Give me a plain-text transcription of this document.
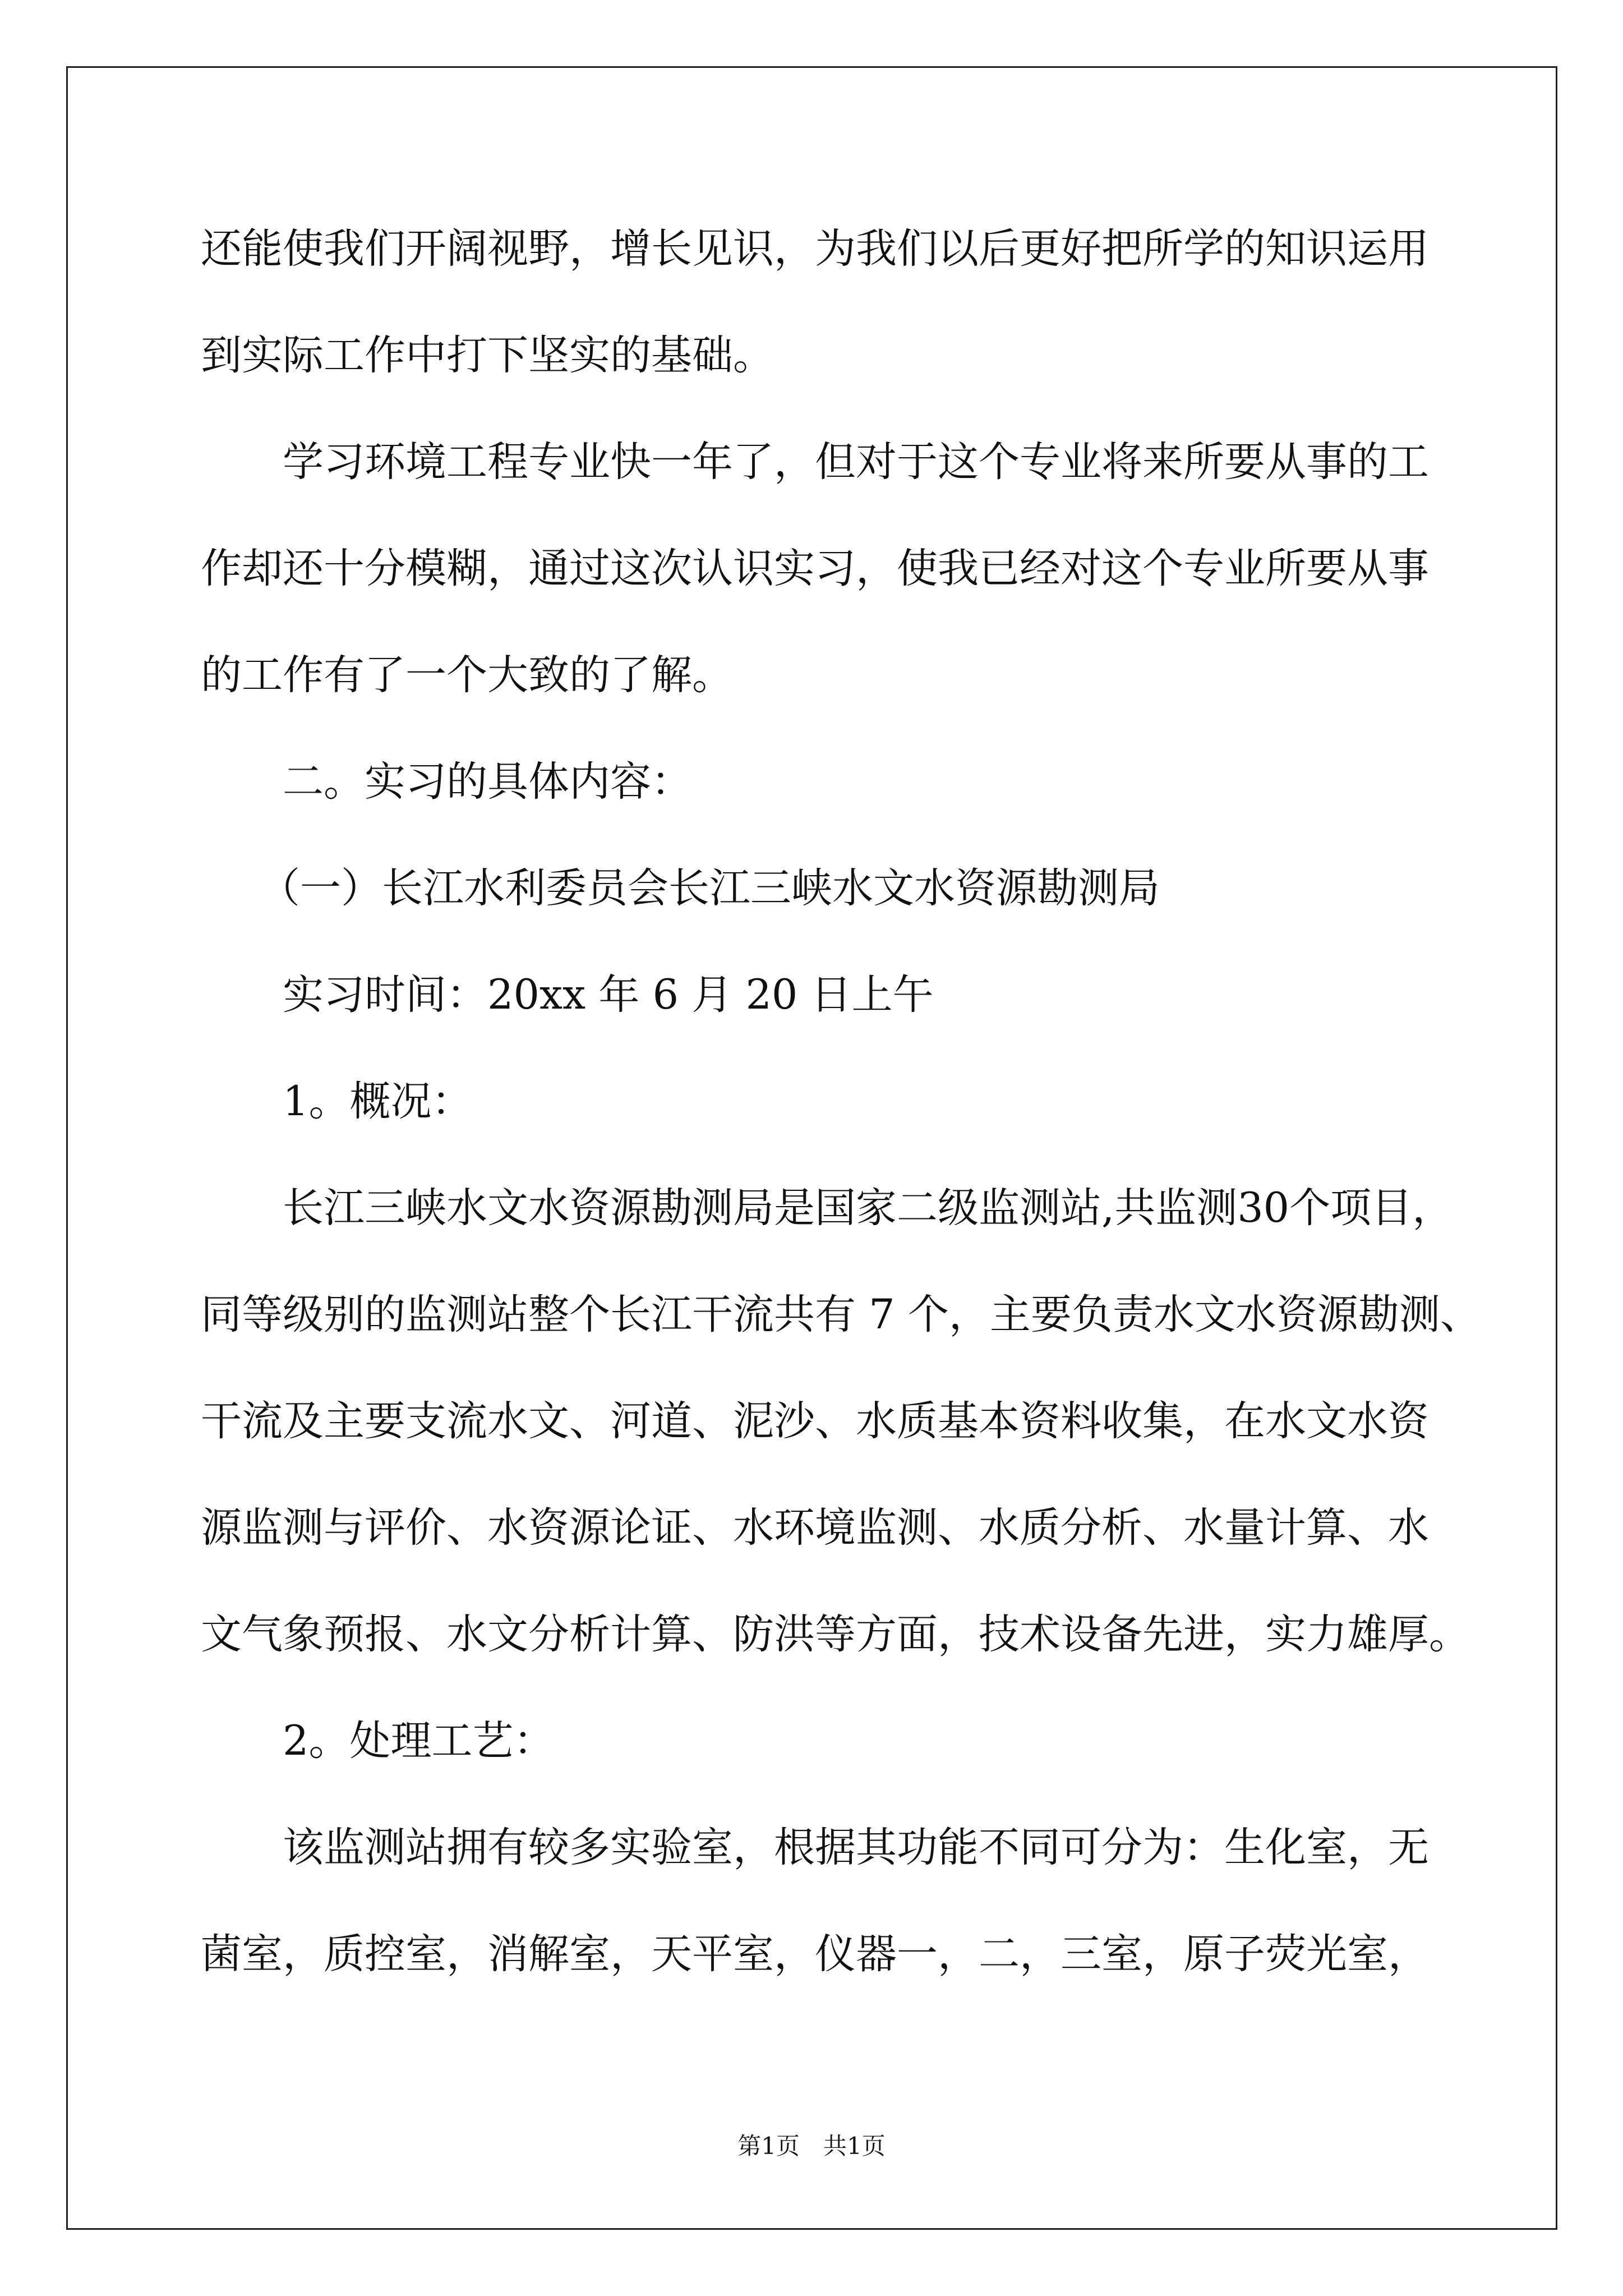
还能使我们开阔视野，增长见识，为我们以后更好把所学的知识运用
到实际工作中打下坚实的基础。
学习环境工程专业快一年了，但对于这个专业将来所要从事的工
作却还十分模糊，通过这次认识实习，使我已经对这个专业所要从事
的工作有了一个大致的了解。
二。实习的具体内容：
（一）长江水利委员会长江三峡水文水资源勘测局
实习时间：20xx 年 6 月 20 日上午
1。概况：
长江三峡水文水资源勘测局是国家二级监测站,共监测30个项目，
同等级别的监测站整个长江干流共有 7 个，主要负责水文水资源勘测、
干流及主要支流水文、河道、泥沙、水质基本资料收集，在水文水资
源监测与评价、水资源论证、水环境监测、水质分析、水量计算、水
文气象预报、水文分析计算、防洪等方面，技术设备先进，实力雄厚。
2。处理工艺：
该监测站拥有较多实验室，根据其功能不同可分为：生化室，无
菌室，质控室，消解室，天平室，仪器一，二，三室，原子荧光室，
第1页　共1页
